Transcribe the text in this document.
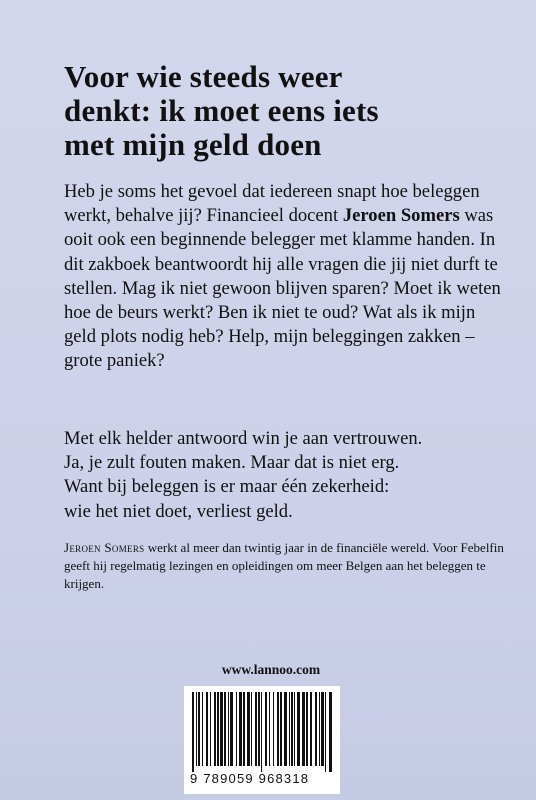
Voor wie steeds weer
denkt: ik moet eens iets
met mijn geld doen
Heb je soms het gevoel dat iedereen snapt hoe beleggen werkt, behalve jij? Financieel docent Jeroen Somers was ooit ook een beginnende belegger met klamme handen. In dit zakboek beantwoordt hij alle vragen die jij niet durft te stellen. Mag ik niet gewoon blijven sparen? Moet ik weten hoe de beurs werkt? Ben ik niet te oud? Wat als ik mijn geld plots nodig heb? Help, mijn beleggingen zakken – grote paniek?
Met elk helder antwoord win je aan vertrouwen.
Ja, je zult fouten maken. Maar dat is niet erg.
Want bij beleggen is er maar één zekerheid:
wie het niet doet, verliest geld.
Jeroen Somers werkt al meer dan twintig jaar in de financiële wereld. Voor Febelfin geeft hij regelmatig lezingen en opleidingen om meer Belgen aan het beleggen te krijgen.
www.lannoo.com
9 789059 968318
